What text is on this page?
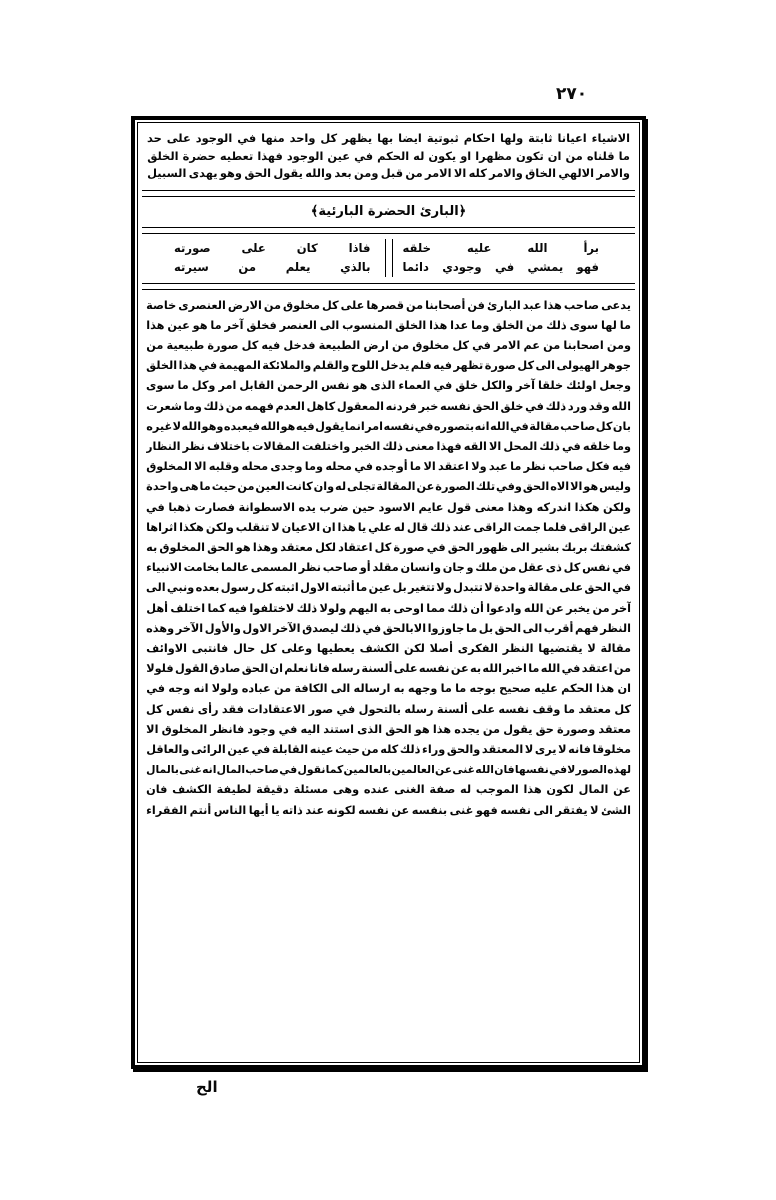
٢٧٠
الاشياء
اعيانا
ثابتة
ولها
احكام
ثبوتية
ايضا
بها
يظهر
كل
واحد
منها
في
الوجود
على
حد
ما
قلناه
من
ان
تكون
مظهرا
او
يكون
له
الحكم
في
عين
الوجود
فهذا
تعطيه
حضرة
الخلق
والامر
الالهي
الخاق
والامر
كله
الا
الامر
من
قبل
ومن
بعد
والله
يقول
الحق
وهو
يهدى
السبيل
﴿البارئ الحضرة البارئية﴾
برأ
الله
عليه
خلقه
فهو
يمشي
في
وجودي
دائما
فاذا
كان
على
صورته
بالذي
يعلم
من
سيرته
يدعى
صاحب
هذا
عبد
البارئ
فن
أصحابنا
من
قصرها
على
كل
مخلوق
من
الارض
العنصرى
خاصة
ما
لها
سوى
ذلك
من
الخلق
وما
عدا
هذا
الخلق
المنسوب
الى
العنصر
فخلق
آخر
ما
هو
عين
هذا
ومن
اصحابنا
من
عم
الامر
في
كل
مخلوق
من
ارض
الطبيعة
فدخل
فيه
كل
صورة
طبيعية
من
جوهر
الهيولى
الى
كل
صورة
تظهر
فيه
فلم
يدخل
اللوح
والقلم
والملائكة
المهيمة
في
هذا
الخلق
وجعل
اولئك
خلقا
آخر
والكل
خلق
في
العماء
الذى
هو
نفس
الرحمن
القابل
امر
وكل
ما
سوى
الله
وقد
ورد
ذلك
في
خلق
الحق
نفسه
خبر
فردنه
المعقول
كاهل
العدم
فهمه
من
ذلك
وما
شعرت
بان
كل
صاحب
مقالة
في
الله
انه
بتصوره
في
نفسه
امر
انما
يقول
فيه
هو
الله
فيعبده
وهو
الله
لا
غيره
وما
خلقه
في
ذلك
المحل
الا
القه
فهذا
معنى
ذلك
الخبر
واختلفت
المقالات
باختلاف
نظر
النظار
فيه
فكل
صاحب
نظر
ما
عبد
ولا
اعتقد
الا
ما
أوجده
في
محله
وما
وجدى
محله
وقلبه
الا
المخلوق
وليس
هو
الا
الاه
الحق
وفي
تلك
الصورة
عن
المقالة
تجلى
له
وان
كانت
العين
من
حيث
ما
هى
واحدة
ولكن
هكذا
اندركه
وهذا
معنى
قول
عايم
الاسود
حين
ضرب
يده
الاسطوانة
فصارت
ذهبا
في
عين
الراقى
فلما
جمت
الراقى
عند
ذلك
قال
له
علي
يا
هذا
ان
الاعيان
لا
تنقلب
ولكن
هكذا
اثراها
كشفتك
بربك
بشير
الى
ظهور
الحق
في
صورة
كل
اعتقاد
لكل
معتقد
وهذا
هو
الحق
المخلوق
به
في
نفس
كل
ذى
عقل
من
ملك
و
جان
وانسان
مقلد
أو
صاحب
نظر
المسمى
عالما
بخامت
الانبياء
في
الحق
على
مقالة
واحدة
لا
تتبدل
ولا
تتغير
بل
عين
ما
أثبته
الاول
اثبته
كل
رسول
بعده
ونبي
الى
آخر
من
يخبر
عن
الله
وادعوا
أن
ذلك
مما
اوحى
به
اليهم
ولولا
ذلك
لاختلفوا
فيه
كما
اختلف
أهل
النظر
فهم
أقرب
الى
الحق
بل
ما
جاوزوا
الابالحق
في
ذلك
ليصدق
الآخر
الاول
والأول
الآخر
وهذه
مقالة
لا
يقتضيها
النظر
الفكرى
أصلا
لكن
الكشف
يعطيها
وعلى
كل
حال
فانتبى
الاوائف
من
اعتقد
في
الله
ما
اخبر
الله
به
عن
نفسه
على
ألسنة
رسله
فانا
نعلم
ان
الحق
صادق
القول
فلولا
ان
هذا
الحكم
عليه
صحيح
بوجه
ما
ما
وجهه
به
ارساله
الى
الكافة
من
عباده
ولولا
انه
وجه
في
كل
معتقد
ما
وقف
نفسه
على
ألسنة
رسله
بالتحول
في
صور
الاعتقادات
فقد
رأى
نفس
كل
معتقد
وصورة
حق
يقول
من
يجده
هذا
هو
الحق
الذى
استند
اليه
في
وجود
فانظر
المخلوق
الا
مخلوقا
فانه
لا
يرى
لا
المعتقد
والحق
وراء
ذلك
كله
من
حيث
عينه
القابلة
في
عين
الرائى
والعاقل
لهذه
الصور
لا
في
نفسها
فان
الله
غنى
عن
العالمين
بالعالمين
كما
نقول
في
صاحب
المال
انه
غنى
بالمال
عن
المال
لكون
هذا
الموجب
له
صفة
الغنى
عنده
وهى
مسئلة
دقيقة
لطيفة
الكشف
فان
الشئ
لا
يفتقر
الى
نفسه
فهو
غنى
بنفسه
عن
نفسه
لكونه
عند
ذاته
يا
أيها
الناس
أنتم
الفقراء
الح
